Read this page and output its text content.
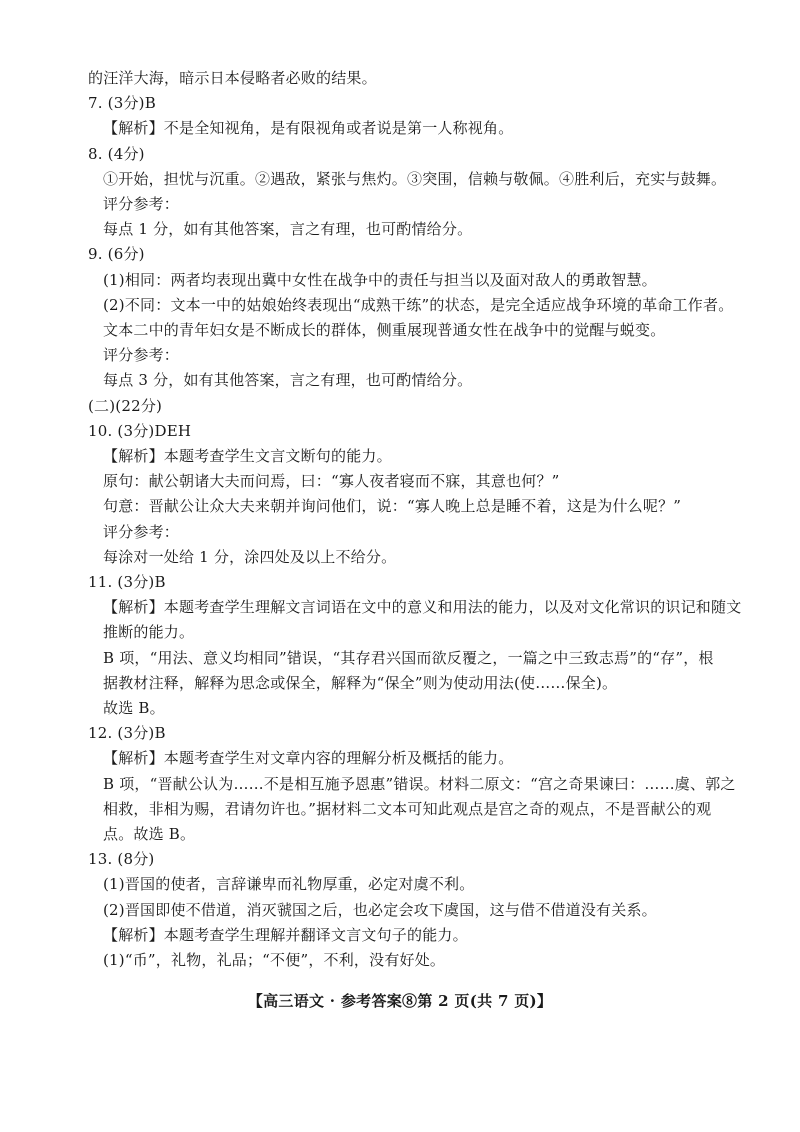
的汪洋大海，暗示日本侵略者必败的结果。
7. (3分)B
【解析】不是全知视角，是有限视角或者说是第一人称视角。
8. (4分)
①开始，担忧与沉重。②遇敌，紧张与焦灼。③突围，信赖与敬佩。④胜利后，充实与鼓舞。
评分参考：
每点 1 分，如有其他答案，言之有理，也可酌情给分。
9. (6分)
(1)相同：两者均表现出冀中女性在战争中的责任与担当以及面对敌人的勇敢智慧。
(2)不同：文本一中的姑娘始终表现出“成熟干练”的状态，是完全适应战争环境的革命工作者。
文本二中的青年妇女是不断成长的群体，侧重展现普通女性在战争中的觉醒与蜕变。
评分参考：
每点 3 分，如有其他答案，言之有理，也可酌情给分。
(二)(22分)
10. (3分)DEH
【解析】本题考查学生文言文断句的能力。
原句：献公朝诸大夫而问焉，曰：“寡人夜者寝而不寐，其意也何？”
句意：晋献公让众大夫来朝并询问他们，说：“寡人晚上总是睡不着，这是为什么呢？”
评分参考：
每涂对一处给 1 分，涂四处及以上不给分。
11. (3分)B
【解析】本题考查学生理解文言词语在文中的意义和用法的能力，以及对文化常识的识记和随文
推断的能力。
B 项，“用法、意义均相同”错误，“其存君兴国而欲反覆之，一篇之中三致志焉”的“存”，根
据教材注释，解释为思念或保全，解释为“保全”则为使动用法(使……保全)。
故选 B。
12. (3分)B
【解析】本题考查学生对文章内容的理解分析及概括的能力。
B 项，“晋献公认为……不是相互施予恩惠”错误。材料二原文：“宫之奇果谏曰：……虞、郭之
相救，非相为赐，君请勿许也。”据材料二文本可知此观点是宫之奇的观点，不是晋献公的观
点。故选 B。
13. (8分)
(1)晋国的使者，言辞谦卑而礼物厚重，必定对虞不利。
(2)晋国即使不借道，消灭虢国之后，也必定会攻下虞国，这与借不借道没有关系。
【解析】本题考查学生理解并翻译文言文句子的能力。
(1)“币”，礼物，礼品；“不便”，不利，没有好处。
【高三语文 · 参考答案⑧第 2 页(共 7 页)】
